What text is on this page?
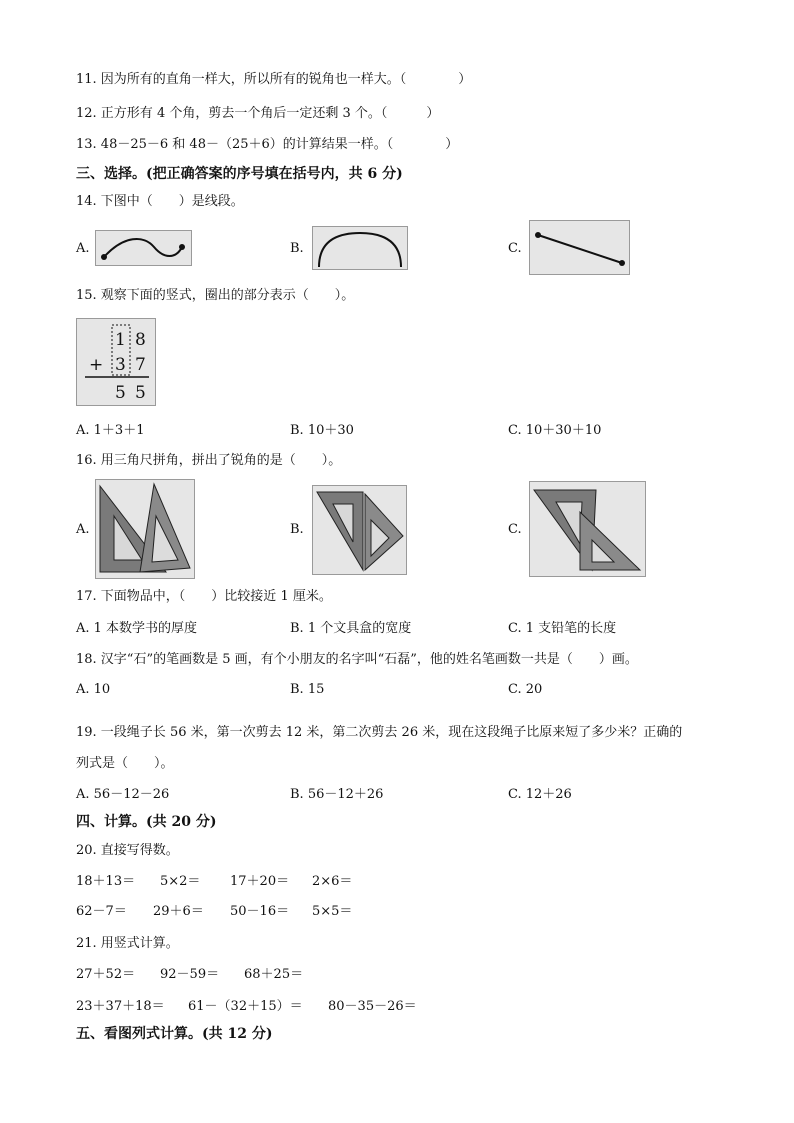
11. 因为所有的直角一样大，所以所有的锐角也一样大。（　　　　）
12. 正方形有 4 个角，剪去一个角后一定还剩 3 个。（　　　）
13. 48－25－6 和 48－（25＋6）的计算结果一样。（　　　　）
三、选择。(把正确答案的序号填在括号内，共 6 分)
14. 下图中（　　）是线段。
A.	B.	C.
15. 观察下面的竖式，圈出的部分表示（　　）。
1 8
+ 3 7
5 5
A. 1＋3＋1	B. 10＋30	C. 10＋30＋10
16. 用三角尺拼角，拼出了锐角的是（　　）。
A.	B.	C.
17. 下面物品中，（　　）比较接近 1 厘米。
A. 1 本数学书的厚度	B. 1 个文具盒的宽度	C. 1 支铅笔的长度
18. 汉字“石”的笔画数是 5 画，有个小朋友的名字叫“石磊”，他的姓名笔画数一共是（　　）画。
A. 10	B. 15	C. 20
19. 一段绳子长 56 米，第一次剪去 12 米，第二次剪去 26 米，现在这段绳子比原来短了多少米？正确的
列式是（　　）。
A. 56－12－26	B. 56－12＋26	C. 12＋26
四、计算。(共 20 分)
20. 直接写得数。
18＋13＝ 5×2＝ 17＋20＝ 2×6＝
62－7＝ 29＋6＝ 50－16＝ 5×5＝
21. 用竖式计算。
27＋52＝ 92－59＝ 68＋25＝
23＋37＋18＝ 61－（32＋15）＝ 80－35－26＝
五、看图列式计算。(共 12 分)
